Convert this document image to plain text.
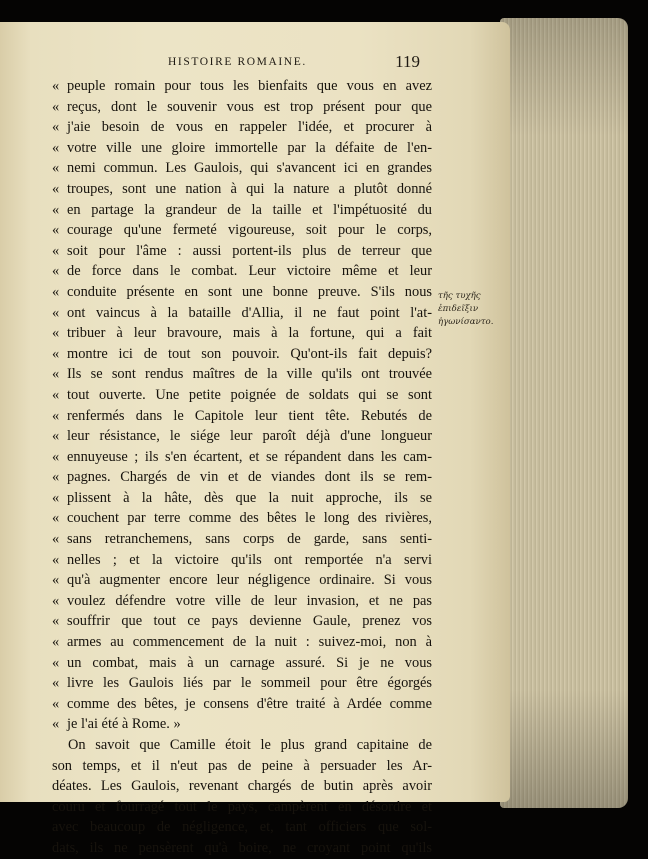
HISTOIRE ROMAINE.	119
« peuple romain pour tous les bienfaits que vous en avez
« reçus, dont le souvenir vous est trop présent pour que
« j'aie besoin de vous en rappeler l'idée, et procurer à
« votre ville une gloire immortelle par la défaite de l'en-
« nemi commun. Les Gaulois, qui s'avancent ici en grandes
« troupes, sont une nation à qui la nature a plutôt donné
« en partage la grandeur de la taille et l'impétuosité du
« courage qu'une fermeté vigoureuse, soit pour le corps,
« soit pour l'âme : aussi portent-ils plus de terreur que
« de force dans le combat. Leur victoire même et leur
« conduite présente en sont une bonne preuve. S'ils nous
« ont vaincus à la bataille d'Allia, il ne faut point l'at-
« tribuer à leur bravoure, mais à la fortune, qui a fait
« montre ici de tout son pouvoir. Qu'ont-ils fait depuis?
« Ils se sont rendus maîtres de la ville qu'ils ont trouvée
« tout ouverte. Une petite poignée de soldats qui se sont
« renfermés dans le Capitole leur tient tête. Rebutés de
« leur résistance, le siége leur paroît déjà d'une longueur
« ennuyeuse ; ils s'en écartent, et se répandent dans les cam-
« pagnes. Chargés de vin et de viandes dont ils se rem-
« plissent à la hâte, dès que la nuit approche, ils se
« couchent par terre comme des bêtes le long des rivières,
« sans retranchemens, sans corps de garde, sans senti-
« nelles ; et la victoire qu'ils ont remportée n'a servi
« qu'à augmenter encore leur négligence ordinaire. Si vous
« voulez défendre votre ville de leur invasion, et ne pas
« souffrir que tout ce pays devienne Gaule, prenez vos
« armes au commencement de la nuit : suivez-moi, non à
« un combat, mais à un carnage assuré. Si je ne vous
« livre les Gaulois liés par le sommeil pour être égorgés
« comme des bêtes, je consens d'être traité à Ardée comme
« je l'ai été à Rome. »
On savoit que Camille étoit le plus grand capitaine de
son temps, et il n'eut pas de peine à persuader les Ar-
déates. Les Gaulois, revenant chargés de butin après avoir
couru et fourragé tout le pays, campèrent en désordre et
avec beaucoup de négligence, et, tant officiers que sol-
dats, ils ne pensèrent qu'à boire, ne croyant point qu'ils
τῆς τυχῆς
ἐπιδεῖξιν
ἠγωνίσαντο.
